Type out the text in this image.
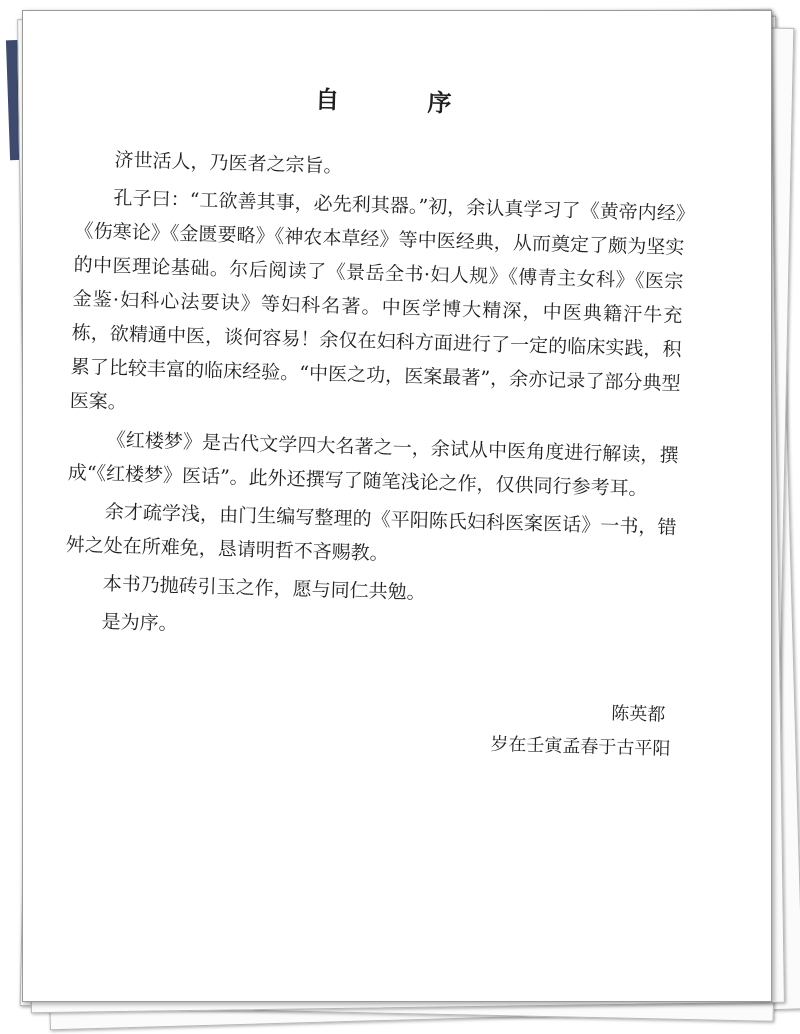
自 序

济世活人，乃医者之宗旨。

孔子曰：“工欲善其事，必先利其器。”初，余认真学习了《黄帝内经》《伤寒论》《金匮要略》《神农本草经》等中医经典，从而奠定了颇为坚实的中医理论基础。尔后阅读了《景岳全书·妇人规》《傅青主女科》《医宗金鉴·妇科心法要诀》等妇科名著。中医学博大精深，中医典籍汗牛充栋，欲精通中医，谈何容易！余仅在妇科方面进行了一定的临床实践，积累了比较丰富的临床经验。“中医之功，医案最著”，余亦记录了部分典型医案。

《红楼梦》是古代文学四大名著之一，余试从中医角度进行解读，撰成“《红楼梦》医话”。此外还撰写了随笔浅论之作，仅供同行参考耳。

余才疏学浅，由门生编写整理的《平阳陈氏妇科医案医话》一书，错舛之处在所难免，恳请明哲不吝赐教。

本书乃抛砖引玉之作，愿与同仁共勉。

是为序。

陈英都
岁在壬寅孟春于古平阳
